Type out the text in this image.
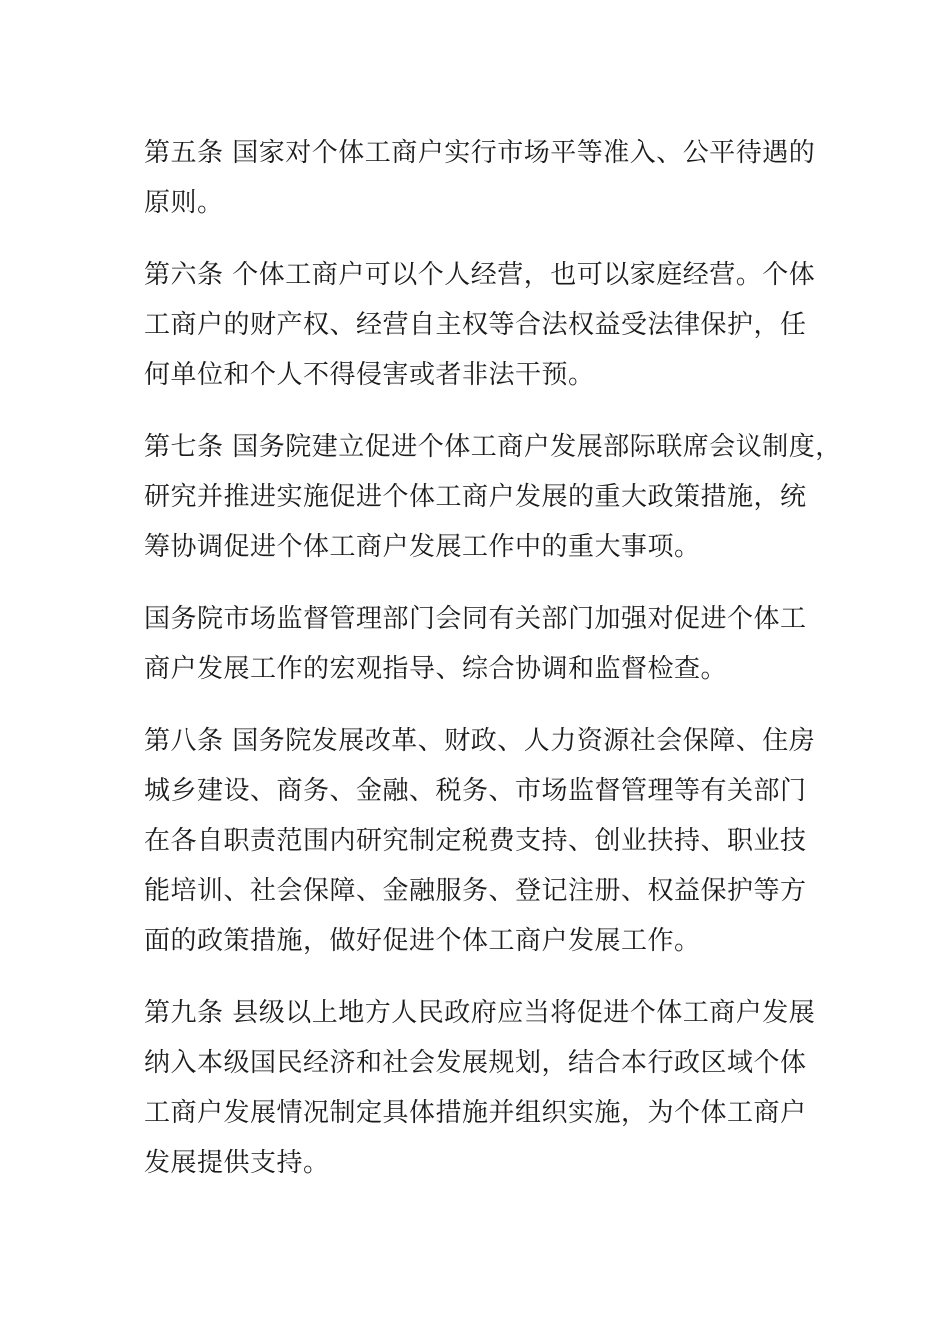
第五条 国家对个体工商户实行市场平等准入、公平待遇的
原则。

第六条 个体工商户可以个人经营，也可以家庭经营。个体
工商户的财产权、经营自主权等合法权益受法律保护，任
何单位和个人不得侵害或者非法干预。

第七条 国务院建立促进个体工商户发展部际联席会议制度，
研究并推进实施促进个体工商户发展的重大政策措施，统
筹协调促进个体工商户发展工作中的重大事项。

国务院市场监督管理部门会同有关部门加强对促进个体工
商户发展工作的宏观指导、综合协调和监督检查。

第八条 国务院发展改革、财政、人力资源社会保障、住房
城乡建设、商务、金融、税务、市场监督管理等有关部门
在各自职责范围内研究制定税费支持、创业扶持、职业技
能培训、社会保障、金融服务、登记注册、权益保护等方
面的政策措施，做好促进个体工商户发展工作。

第九条 县级以上地方人民政府应当将促进个体工商户发展
纳入本级国民经济和社会发展规划，结合本行政区域个体
工商户发展情况制定具体措施并组织实施，为个体工商户
发展提供支持。
